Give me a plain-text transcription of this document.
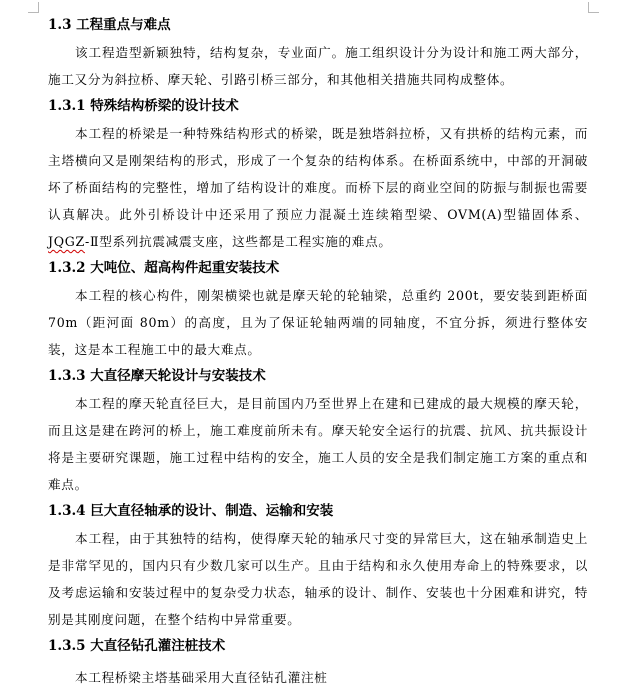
1.3 工程重点与难点

该工程造型新颖独特，结构复杂，专业面广。施工组织设计分为设计和施工两大部分，施工又分为斜拉桥、摩天轮、引路引桥三部分，和其他相关措施共同构成整体。

1.3.1 特殊结构桥梁的设计技术

本工程的桥梁是一种特殊结构形式的桥梁，既是独塔斜拉桥，又有拱桥的结构元素，而主塔横向又是刚架结构的形式，形成了一个复杂的结构体系。在桥面系统中，中部的开洞破坏了桥面结构的完整性，增加了结构设计的难度。而桥下层的商业空间的防振与制振也需要认真解决。此外引桥设计中还采用了预应力混凝土连续箱型梁、OVM(A)型锚固体系、JQGZ-Ⅱ型系列抗震减震支座，这些都是工程实施的难点。

1.3.2 大吨位、超高构件起重安装技术

本工程的核心构件，刚架横梁也就是摩天轮的轮轴梁，总重约 200t，要安装到距桥面 70m（距河面 80m）的高度，且为了保证轮轴两端的同轴度，不宜分拆，须进行整体安装，这是本工程施工中的最大难点。

1.3.3 大直径摩天轮设计与安装技术

本工程的摩天轮直径巨大，是目前国内乃至世界上在建和已建成的最大规模的摩天轮，而且这是建在跨河的桥上，施工难度前所未有。摩天轮安全运行的抗震、抗风、抗共振设计将是主要研究课题，施工过程中结构的安全，施工人员的安全是我们制定施工方案的重点和难点。

1.3.4 巨大直径轴承的设计、制造、运输和安装

本工程，由于其独特的结构，使得摩天轮的轴承尺寸变的异常巨大，这在轴承制造史上是非常罕见的，国内只有少数几家可以生产。且由于结构和永久使用寿命上的特殊要求，以及考虑运输和安装过程中的复杂受力状态，轴承的设计、制作、安装也十分困难和讲究，特别是其刚度问题，在整个结构中异常重要。

1.3.5 大直径钻孔灌注桩技术
本工程桥梁主塔基础采用大直径钻孔灌注桩
